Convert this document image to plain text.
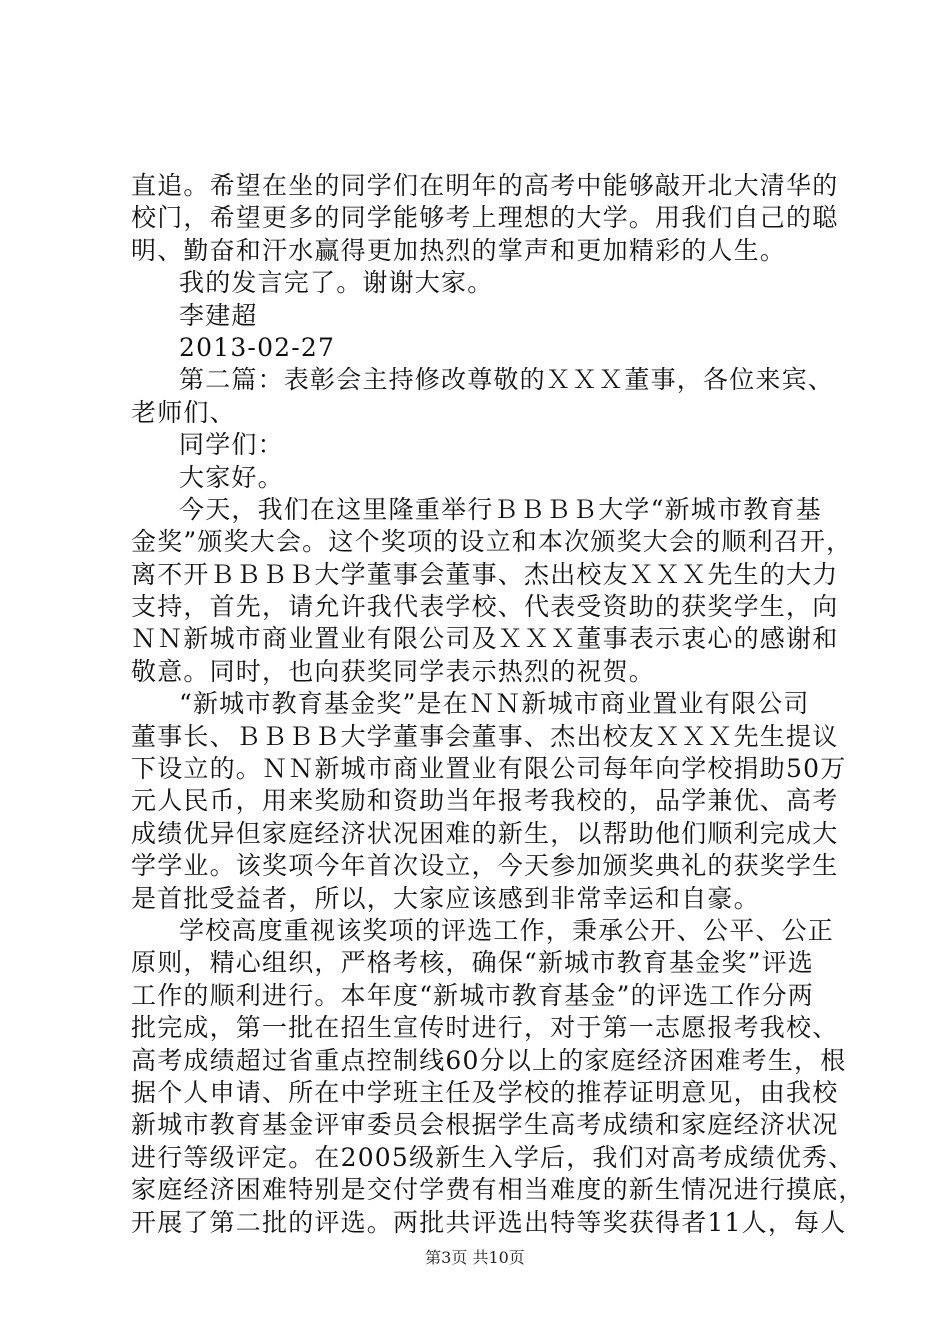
直追。希望在坐的同学们在明年的高考中能够敲开北大清华的
校门，希望更多的同学能够考上理想的大学。用我们自己的聪
明、勤奋和汗水赢得更加热烈的掌声和更加精彩的人生。
我的发言完了。谢谢大家。
李建超
2013-02-27
第二篇：表彰会主持修改尊敬的ＸＸＸ董事，各位来宾、
老师们、
同学们：
大家好。
今天，我们在这里隆重举行ＢＢＢＢ大学“新城市教育基
金奖”颁奖大会。这个奖项的设立和本次颁奖大会的顺利召开，
离不开ＢＢＢＢ大学董事会董事、杰出校友ＸＸＸ先生的大力
支持，首先，请允许我代表学校、代表受资助的获奖学生，向
ＮＮ新城市商业置业有限公司及ＸＸＸ董事表示衷心的感谢和
敬意。同时，也向获奖同学表示热烈的祝贺。
“新城市教育基金奖”是在ＮＮ新城市商业置业有限公司
董事长、ＢＢＢＢ大学董事会董事、杰出校友ＸＸＸ先生提议
下设立的。ＮＮ新城市商业置业有限公司每年向学校捐助50万
元人民币，用来奖励和资助当年报考我校的，品学兼优、高考
成绩优异但家庭经济状况困难的新生，以帮助他们顺利完成大
学学业。该奖项今年首次设立，今天参加颁奖典礼的获奖学生
是首批受益者，所以，大家应该感到非常幸运和自豪。
学校高度重视该奖项的评选工作，秉承公开、公平、公正
原则，精心组织，严格考核，确保“新城市教育基金奖”评选
工作的顺利进行。本年度“新城市教育基金”的评选工作分两
批完成，第一批在招生宣传时进行，对于第一志愿报考我校、
高考成绩超过省重点控制线60分以上的家庭经济困难考生，根
据个人申请、所在中学班主任及学校的推荐证明意见，由我校
新城市教育基金评审委员会根据学生高考成绩和家庭经济状况
进行等级评定。在2005级新生入学后，我们对高考成绩优秀、
家庭经济困难特别是交付学费有相当难度的新生情况进行摸底，
开展了第二批的评选。两批共评选出特等奖获得者11人，每人
第3页 共10页
